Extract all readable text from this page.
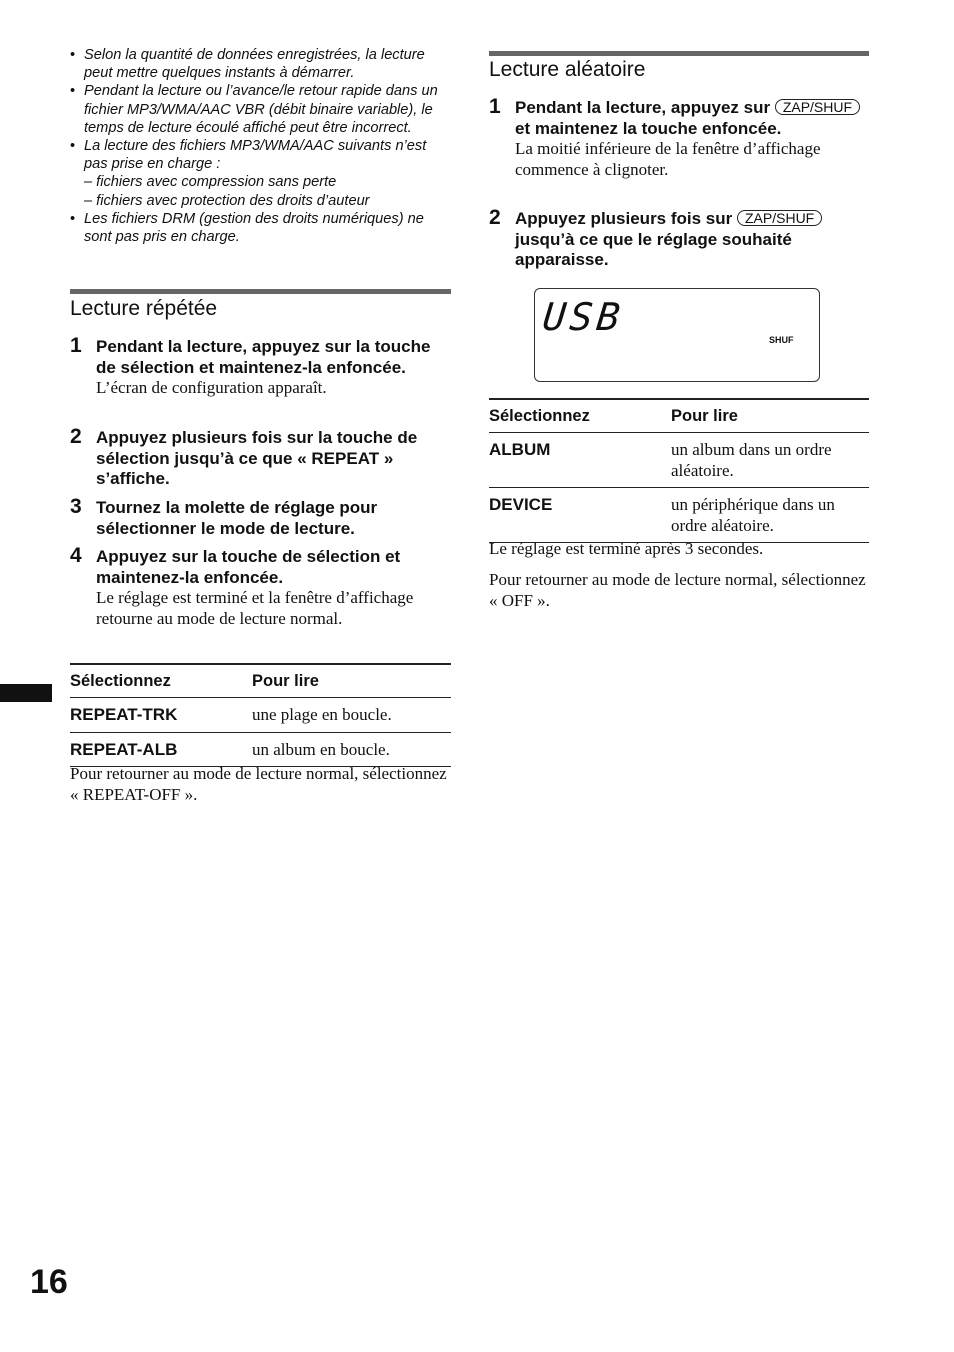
• Selon la quantité de données enregistrées, la lecture peut mettre quelques instants à démarrer.
• Pendant la lecture ou l’avance/le retour rapide dans un fichier MP3/WMA/AAC VBR (débit binaire variable), le temps de lecture écoulé affiché peut être incorrect.
• La lecture des fichiers MP3/WMA/AAC suivants n’est pas prise en charge :
– fichiers avec compression sans perte
– fichiers avec protection des droits d’auteur
• Les fichiers DRM (gestion des droits numériques) ne sont pas pris en charge.
Lecture répétée
1 Pendant la lecture, appuyez sur la touche de sélection et maintenez-la enfoncée.
L’écran de configuration apparaît.
2 Appuyez plusieurs fois sur la touche de sélection jusqu’à ce que « REPEAT » s’affiche.
3 Tournez la molette de réglage pour sélectionner le mode de lecture.
4 Appuyez sur la touche de sélection et maintenez-la enfoncée.
Le réglage est terminé et la fenêtre d’affichage retourne au mode de lecture normal.
Sélectionnez	Pour lire
REPEAT-TRK	une plage en boucle.
REPEAT-ALB	un album en boucle.

Pour retourner au mode de lecture normal, sélectionnez « REPEAT-OFF ».

Lecture aléatoire
1 Pendant la lecture, appuyez sur ZAP/SHUF et maintenez la touche enfoncée.
La moitié inférieure de la fenêtre d’affichage commence à clignoter.
2 Appuyez plusieurs fois sur ZAP/SHUF jusqu’à ce que le réglage souhaité apparaisse.
USB
SHUF
Sélectionnez	Pour lire
ALBUM	un album dans un ordre aléatoire.
DEVICE	un périphérique dans un ordre aléatoire.

Le réglage est terminé après 3 secondes.

Pour retourner au mode de lecture normal, sélectionnez « OFF ».

16
